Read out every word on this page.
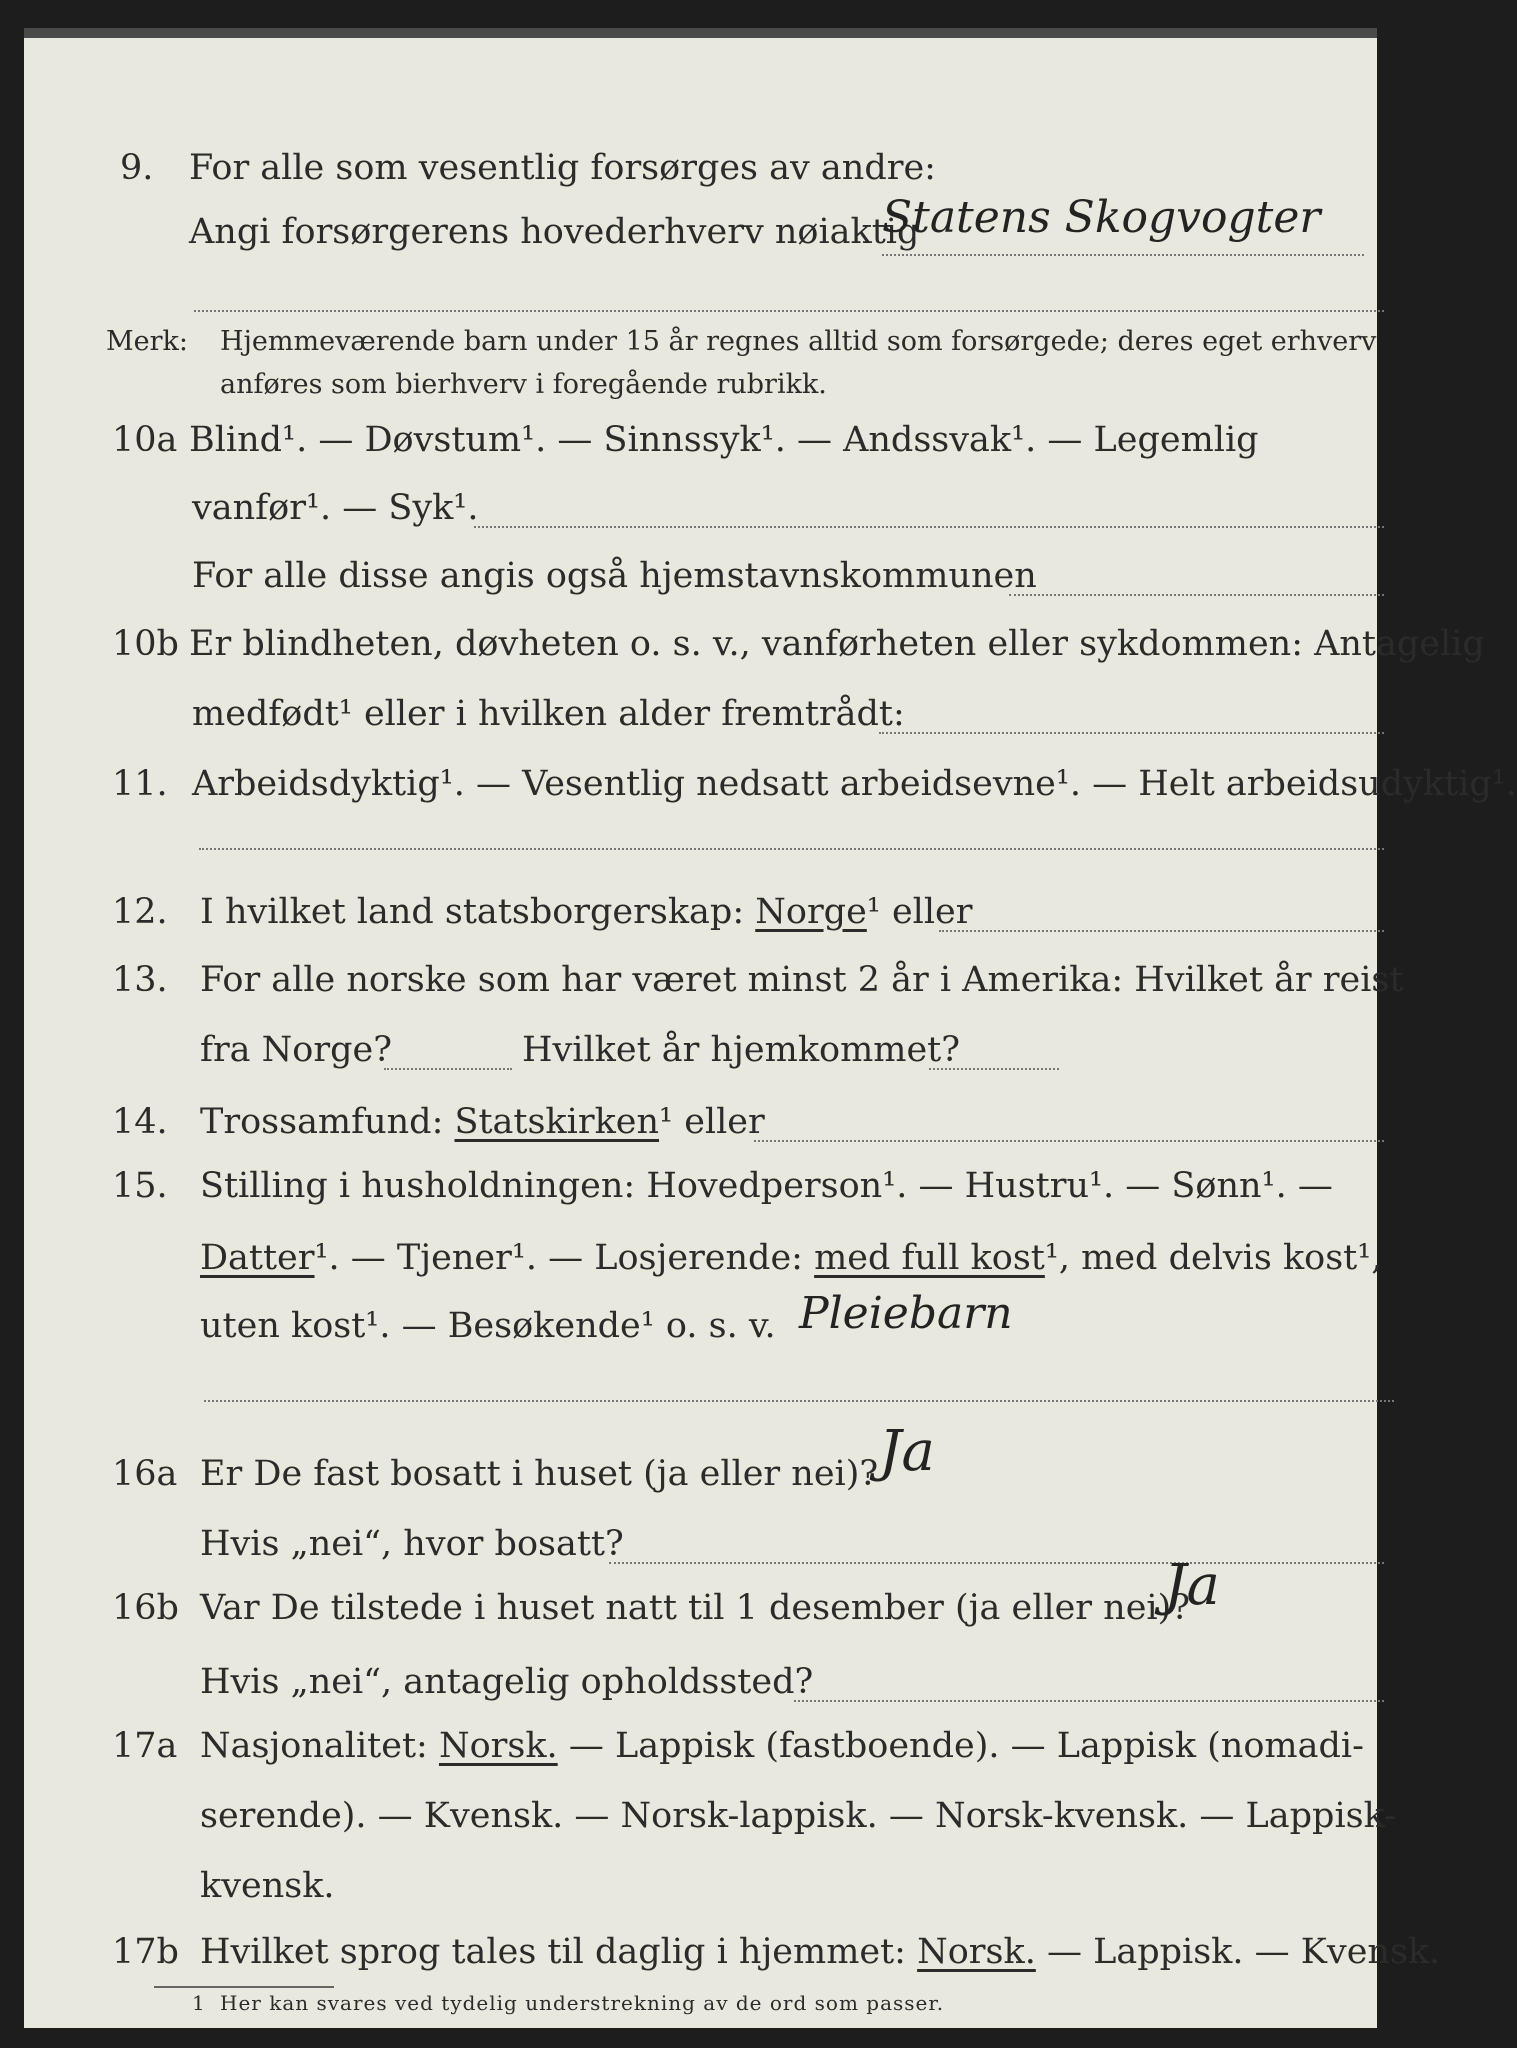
9. For alle som vesentlig forsørges av andre:
Angi forsørgerens hovederhverv nøiaktig
Statens Skogvogter
Merk: Hjemmeværende barn under 15 år regnes alltid som forsørgede; deres eget erhverv
anføres som bierhverv i foregående rubrikk.
10a Blind¹. — Døvstum¹. — Sinnssyk¹. — Andssvak¹. — Legemlig
vanfør¹. — Syk¹.
For alle disse angis også hjemstavnskommunen
10b Er blindheten, døvheten o. s. v., vanførheten eller sykdommen: Antagelig
medfødt¹ eller i hvilken alder fremtrådt:
11. Arbeidsdyktig¹. — Vesentlig nedsatt arbeidsevne¹. — Helt arbeidsudyktig¹.
12. I hvilket land statsborgerskap: Norge¹ eller
13. For alle norske som har været minst 2 år i Amerika: Hvilket år reist
fra Norge?	Hvilket år hjemkommet?
14. Trossamfund: Statskirken¹ eller
15. Stilling i husholdningen: Hovedperson¹. — Hustru¹. — Sønn¹. —
Datter¹. — Tjener¹. — Losjerende: med full kost¹, med delvis kost¹,
uten kost¹. — Besøkende¹ o. s. v. Pleiebarn
16a Er De fast bosatt i huset (ja eller nei)? Ja
Hvis „nei“, hvor bosatt?
16b Var De tilstede i huset natt til 1 desember (ja eller nei)?
Ja
Hvis „nei“, antagelig opholdssted?
17a Nasjonalitet: Norsk. — Lappisk (fastboende). — Lappisk (nomadi-
serende). — Kvensk. — Norsk-lappisk. — Norsk-kvensk. — Lappisk-
kvensk.
17b Hvilket sprog tales til daglig i hjemmet: Norsk. — Lappisk. — Kvensk.
1 Her kan svares ved tydelig understrekning av de ord som passer.
